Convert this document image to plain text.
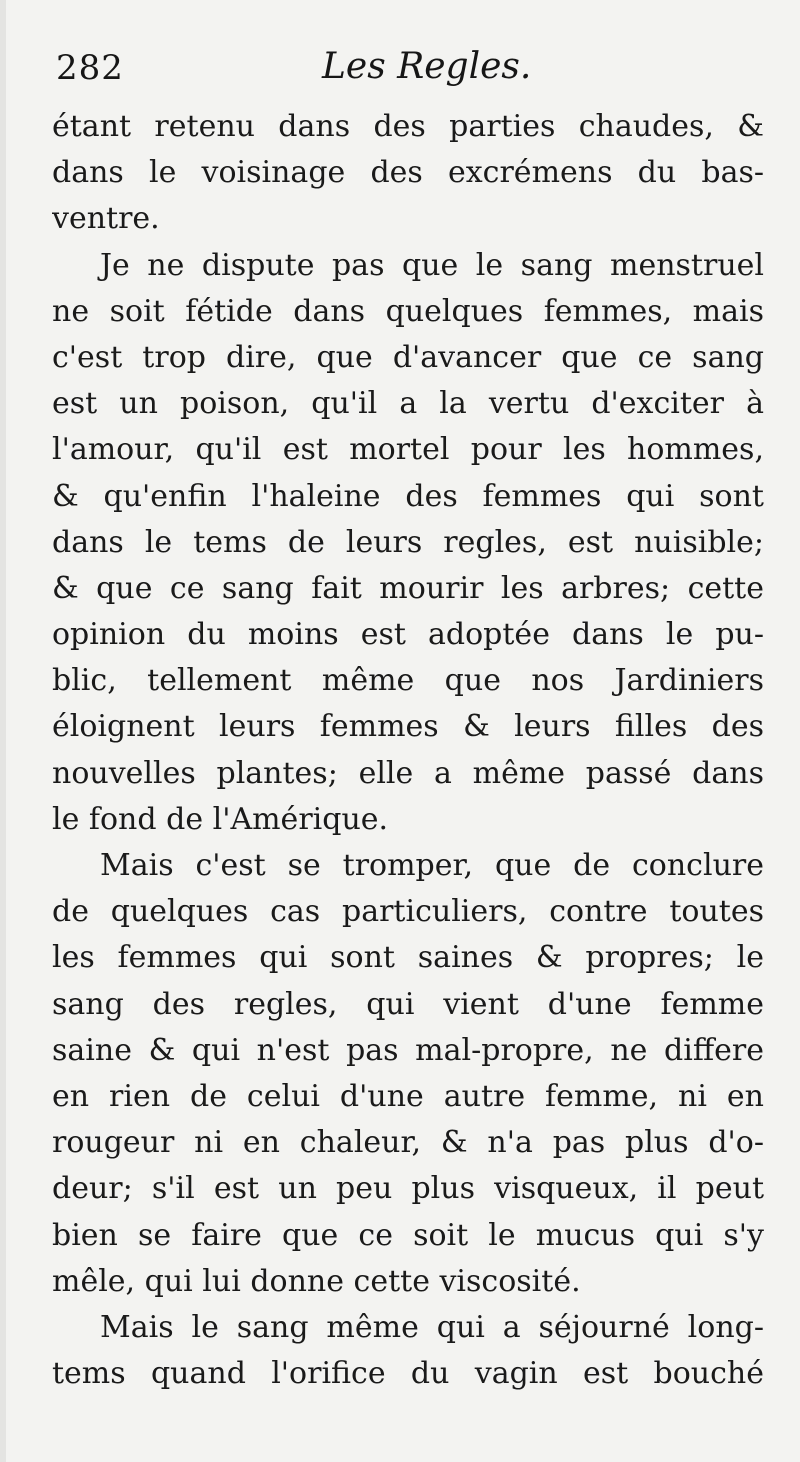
282	Les Regles.
étant retenu dans des parties chaudes, &
dans le voisinage des excrémens du bas-
ventre.
Je ne dispute pas que le sang menstruel
ne soit fétide dans quelques femmes, mais
c'est trop dire, que d'avancer que ce sang
est un poison, qu'il a la vertu d'exciter à
l'amour, qu'il est mortel pour les hommes,
& qu'enfin l'haleine des femmes qui sont
dans le tems de leurs regles, est nuisible;
& que ce sang fait mourir les arbres; cette
opinion du moins est adoptée dans le pu-
blic, tellement même que nos Jardiniers
éloignent leurs femmes & leurs filles des
nouvelles plantes; elle a même passé dans
le fond de l'Amérique.
Mais c'est se tromper, que de conclure
de quelques cas particuliers, contre toutes
les femmes qui sont saines & propres; le
sang des regles, qui vient d'une femme
saine & qui n'est pas mal-propre, ne differe
en rien de celui d'une autre femme, ni en
rougeur ni en chaleur, & n'a pas plus d'o-
deur; s'il est un peu plus visqueux, il peut
bien se faire que ce soit le mucus qui s'y
mêle, qui lui donne cette viscosité.
Mais le sang même qui a séjourné long-
tems quand l'orifice du vagin est bouché
